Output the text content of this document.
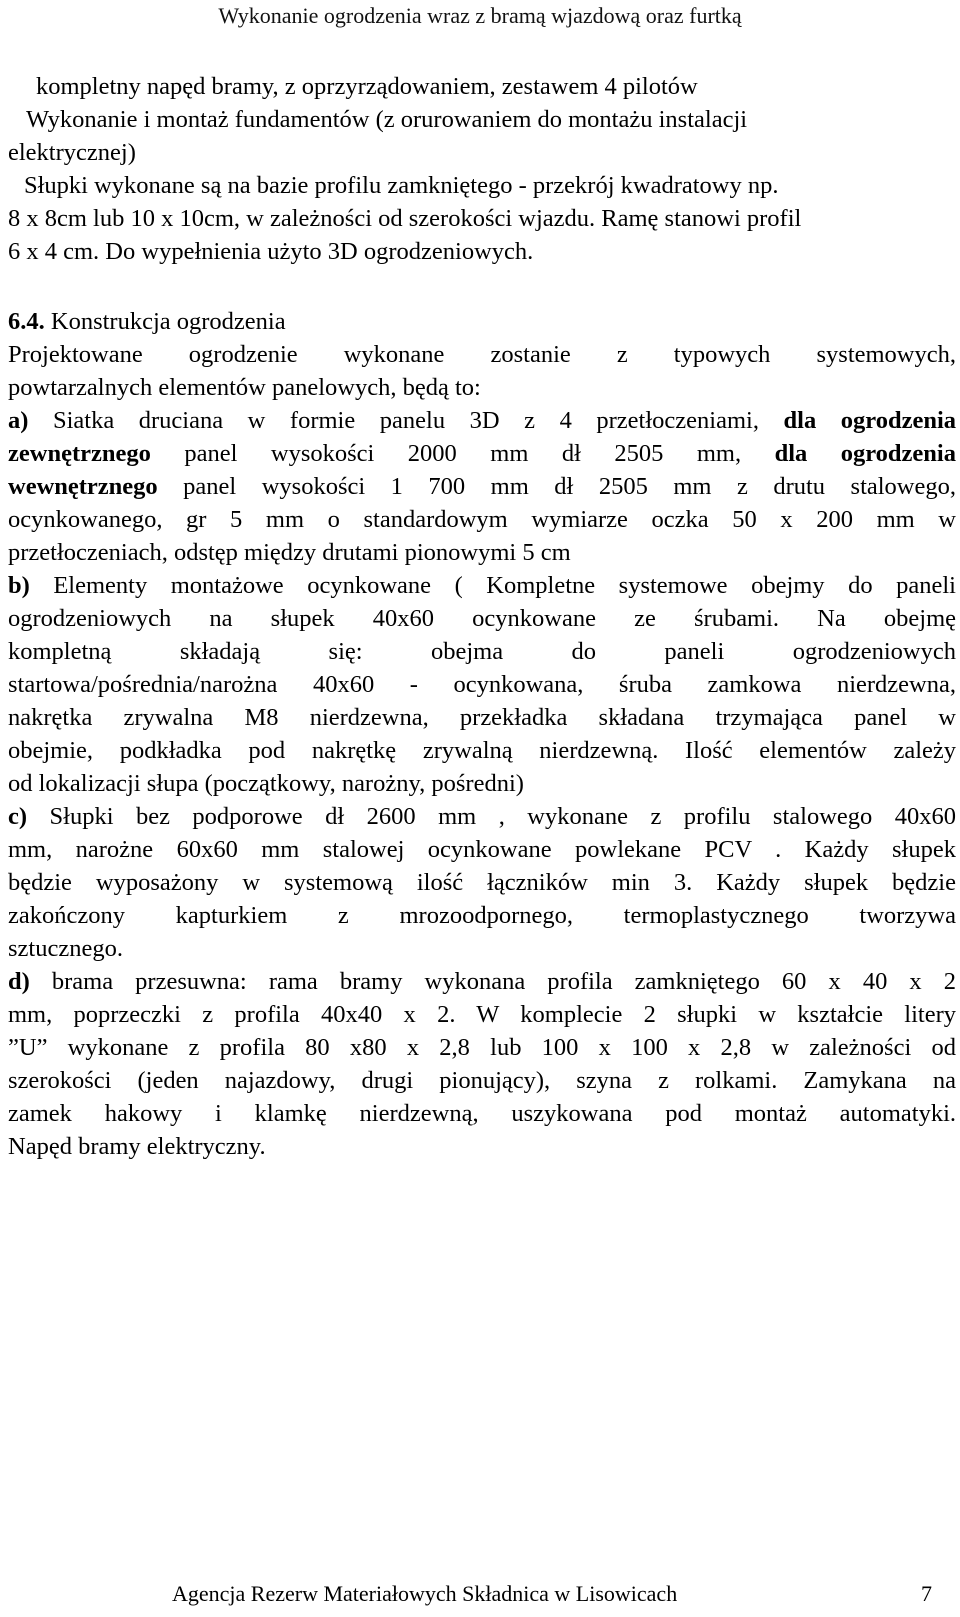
Wykonanie ogrodzenia wraz z bramą wjazdową oraz furtką
kompletny napęd bramy, z oprzyrządowaniem, zestawem 4 pilotów
Wykonanie i montaż fundamentów (z orurowaniem do montażu instalacji
elektrycznej)
Słupki wykonane są na bazie profilu zamkniętego - przekrój kwadratowy np.
8 x 8cm lub 10 x 10cm, w zależności od szerokości wjazdu. Ramę stanowi profil
6 x 4 cm. Do wypełnienia użyto 3D ogrodzeniowych.
6.4. Konstrukcja ogrodzenia
Projektowane ogrodzenie wykonane zostanie z typowych systemowych,
powtarzalnych elementów panelowych, będą to:
a) Siatka druciana w formie panelu 3D z 4 przetłoczeniami, dla ogrodzenia
zewnętrznego panel wysokości 2000 mm dł 2505 mm, dla ogrodzenia
wewnętrznego panel wysokości 1 700 mm dł 2505 mm z drutu stalowego,
ocynkowanego, gr 5 mm o standardowym wymiarze oczka 50 x 200 mm w
przetłoczeniach, odstęp między drutami pionowymi 5 cm
b) Elementy montażowe ocynkowane ( Kompletne systemowe obejmy do paneli
ogrodzeniowych na słupek 40x60 ocynkowane ze śrubami. Na obejmę
kompletną składają się: obejma do paneli ogrodzeniowych
startowa/pośrednia/narożna 40x60 - ocynkowana, śruba zamkowa nierdzewna,
nakrętka zrywalna M8 nierdzewna, przekładka składana trzymająca panel w
obejmie, podkładka pod nakrętkę zrywalną nierdzewną. Ilość elementów zależy
od lokalizacji słupa (początkowy, narożny, pośredni)
c) Słupki bez podporowe dł 2600 mm , wykonane z profilu stalowego 40x60
mm, narożne 60x60 mm stalowej ocynkowane powlekane PCV . Każdy słupek
będzie wyposażony w systemową ilość łączników min 3. Każdy słupek będzie
zakończony kapturkiem z mrozoodpornego, termoplastycznego tworzywa
sztucznego.
d) brama przesuwna: rama bramy wykonana profila zamkniętego 60 x 40 x 2
mm, poprzeczki z profila 40x40 x 2. W komplecie 2 słupki w kształcie litery
”U” wykonane z profila 80 x80 x 2,8 lub 100 x 100 x 2,8 w zależności od
szerokości (jeden najazdowy, drugi pionujący), szyna z rolkami. Zamykana na
zamek hakowy i klamkę nierdzewną, uszykowana pod montaż automatyki.
Napęd bramy elektryczny.
Agencja Rezerw Materiałowych Składnica w Lisowicach	7
